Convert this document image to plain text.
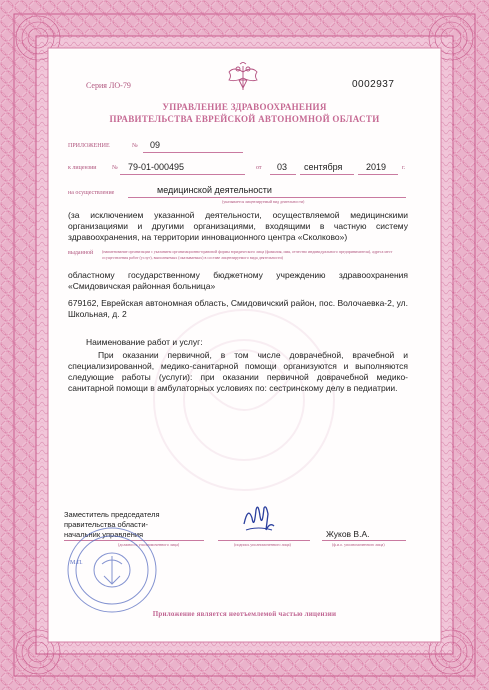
Серия ЛО-79	0002937
УПРАВЛЕНИЕ ЗДРАВООХРАНЕНИЯ
ПРАВИТЕЛЬСТВА ЕВРЕЙСКОЙ АВТОНОМНОЙ ОБЛАСТИ
ПРИЛОЖЕНИЕ	№ 09
к лицензии	№ 79-01-000495	от 03 сентября	2019	г.
на осуществление	медицинской деятельности
(указывается лицензируемый вид деятельности)
(за исключением указанной деятельности, осуществляемой медицинскими организациями и другими организациями, входящими в частную систему здравоохранения, на территории инновационного центра «Сколково»)
выданной (наименование организации с указанием организационно-правовой формы юридического лица (фамилия, имя, отчество индивидуального предпринимателя), адреса мест осуществления работ (услуг), выполняемых (оказываемых) в составе лицензируемого вида деятельности)
областному государственному бюджетному учреждению здравоохранения «Смидовичская районная больница»
679162, Еврейская автономная область, Смидовичский район, пос. Волочаевка-2, ул. Школьная, д. 2
Наименование работ и услуг:
При оказании первичной, в том числе доврачебной, врачебной и специализированной, медико-санитарной помощи организуются и выполняются следующие работы (услуги): при оказании первичной доврачебной медико-санитарной помощи в амбулаторных условиях по: сестринскому делу в педиатрии.
Заместитель председателя правительства области- начальник управления
(должность уполномоченного лица)	(подпись уполномоченного лица)
Жуков В.А.
(ф.и.о. уполномоченного лица)
М.П.
Приложение является неотъемлемой частью лицензии
